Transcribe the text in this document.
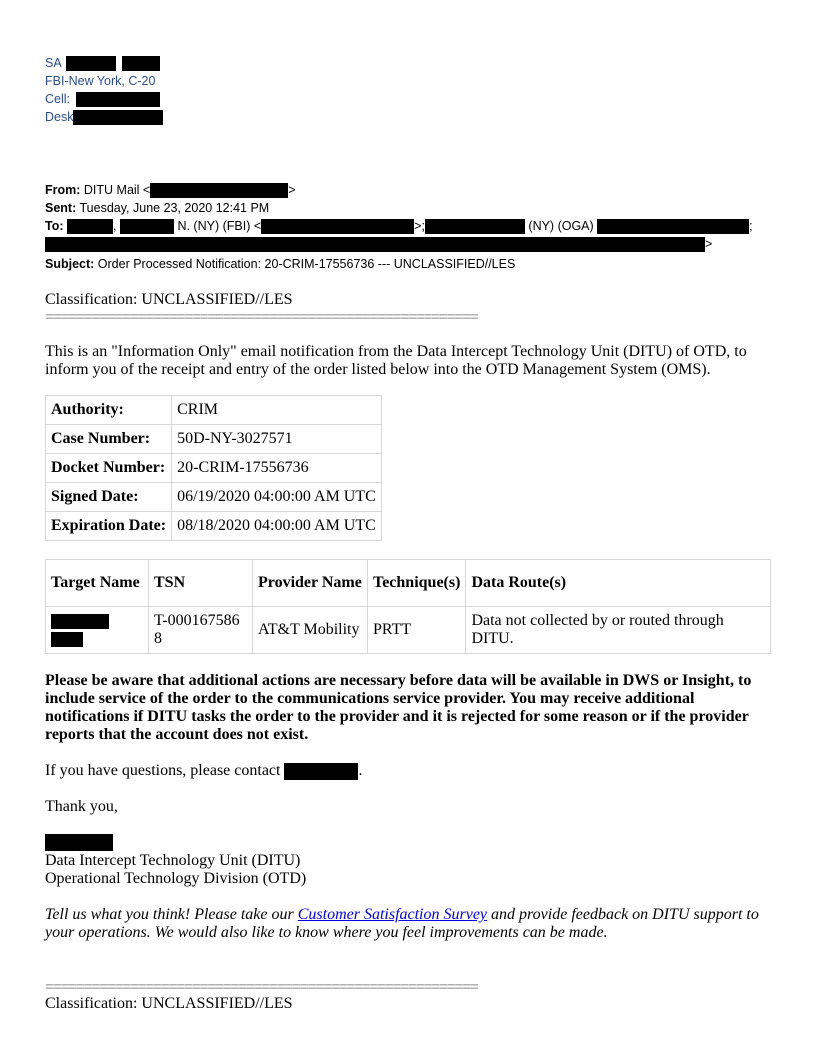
SA
FBI-New York, C-20
Cell:
Desk
From: DITU Mail <	>
Sent: Tuesday, June 23, 2020 12:41 PM
To:	,	N. (NY) (FBI) <	>;	(NY) (OGA)	;
>
Subject: Order Processed Notification: 20-CRIM-17556736 --- UNCLASSIFIED//LES
Classification: UNCLASSIFIED//LES
========================================================
This is an "Information Only" email notification from the Data Intercept Technology Unit (DITU) of OTD, to inform you of the receipt and entry of the order listed below into the OTD Management System (OMS).
Authority:	CRIM
Case Number:	50D-NY-3027571
Docket Number:	20-CRIM-17556736
Signed Date:	06/19/2020 04:00:00 AM UTC
Expiration Date:	08/18/2020 04:00:00 AM UTC
Target Name	TSN	Provider Name	Technique(s)	Data Route(s)

	T-0001675868	AT&T Mobility	PRTT	Data not collected by or routed through DITU.
Please be aware that additional actions are necessary before data will be available in DWS or Insight, to include service of the order to the communications service provider. You may receive additional notifications if DITU tasks the order to the provider and it is rejected for some reason or if the provider reports that the account does not exist.
If you have questions, please contact	.
Thank you,
Data Intercept Technology Unit (DITU)
Operational Technology Division (OTD)
Tell us what you think! Please take our Customer Satisfaction Survey and provide feedback on DITU support to your operations. We would also like to know where you feel improvements can be made.
========================================================
Classification: UNCLASSIFIED//LES
